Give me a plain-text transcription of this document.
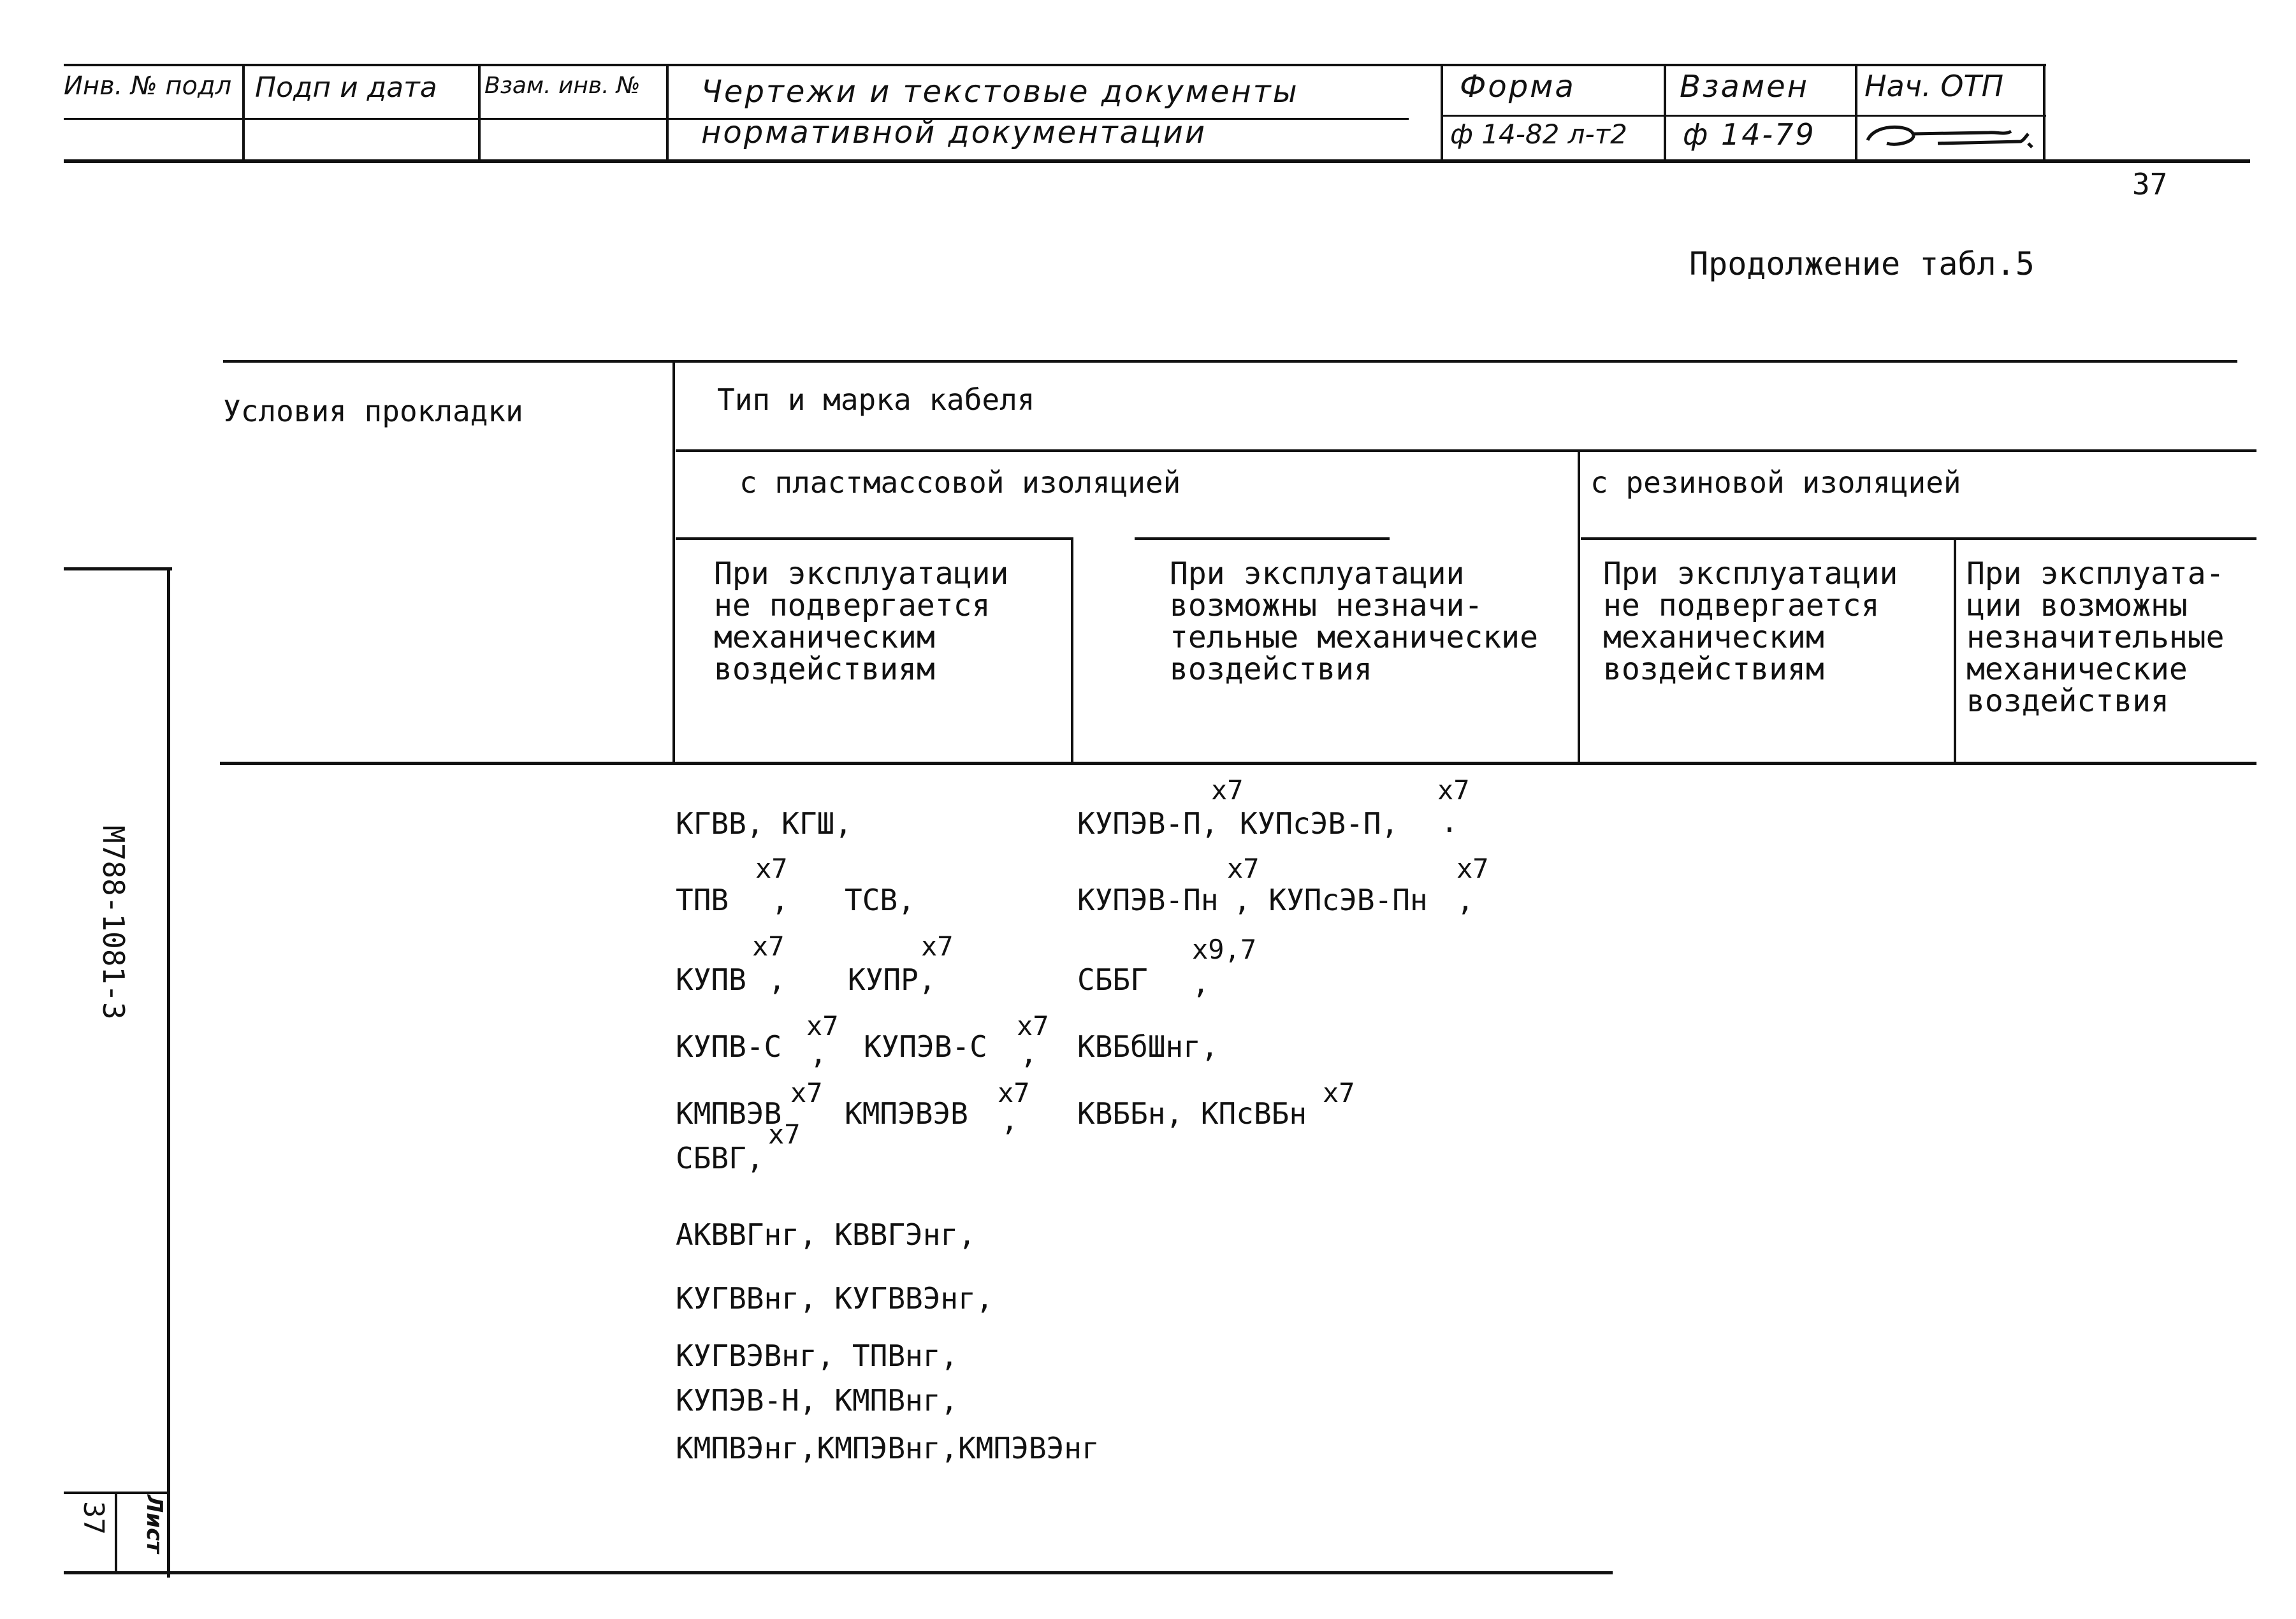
Инв. № подл Подп и дата Взам. инв. № Чертежи и текстовые документы
нормативной документации
Форма
ф 14-82 л-т2
Взамен
ф 14-79
Нач. ОТП
37
Продолжение табл.5
Условия прокладки	Тип и марка кабеля
с пластмассовой изоляцией	с резиновой изоляцией
При эксплуатации
не подвергается
механическим
воздействиям
При эксплуатации
возможны незначи-
тельные механические
воздействия
При эксплуатации
не подвергается
механическим
воздействиям
При эксплуата-
ции возможны
незначительные
механические
воздействия
КГВВ, КГШ,
ТПВ
x7
, ТСВ,
КУПВ
x7
, КУПР,
x7
КУПВ-С
x7
, КУПЭВ-С
x7
,
КМПВЭВ
x7
КМПЭВЭВ
x7
,
СБВГ,
x7
АКВВГнг, КВВГЭнг,
КУГВВнг, КУГВВЭнг,
КУГВЭВнг, ТПВнг,
КУПЭВ-Н, КМПВнг,
КМПВЭнг,КМПЭВнг,КМПЭВЭнг
КУПЭВ-П,
x7
КУПсЭВ-П,
x7
.
КУПЭВ-Пн
x7
, КУПсЭВ-Пн
x7
,
СББГ
x9,7
,
КВБбШнг,
КВББн, КПсВБн
x7
М788-1081-3
Лист
37
